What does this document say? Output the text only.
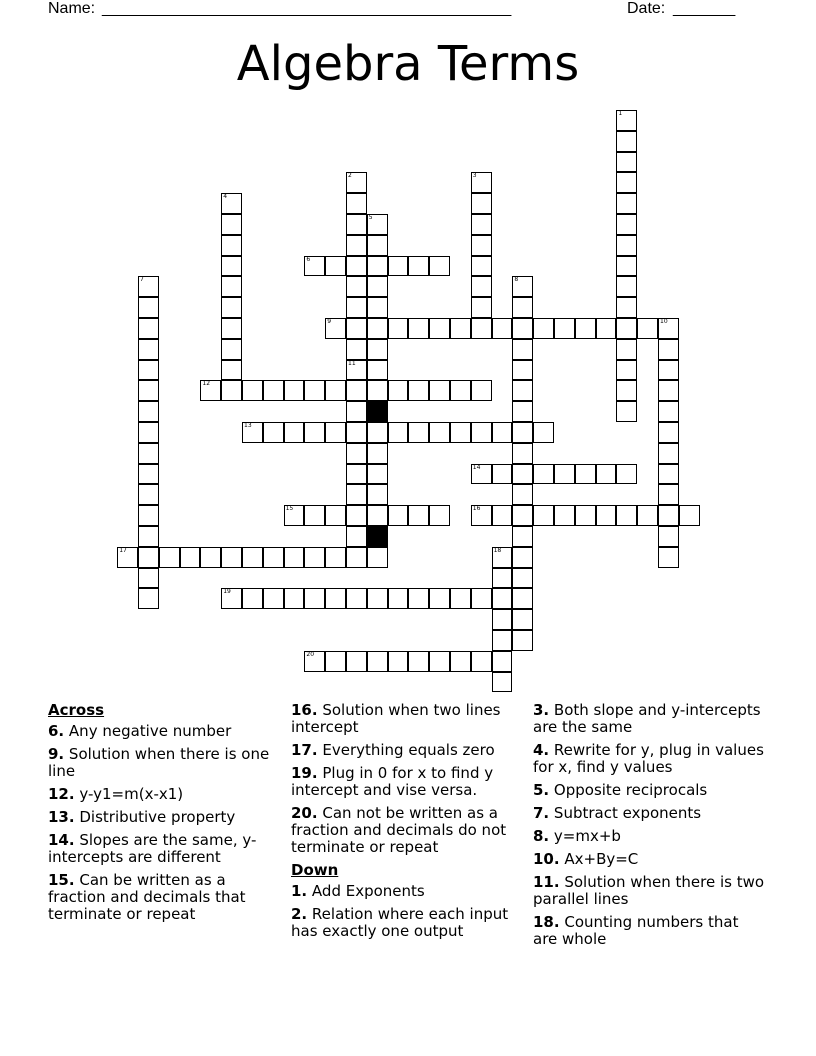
Name: ______________________________________________	Date: _______
Algebra Terms
1
2
11
3
4
5
6
7	8
9	10
12
13
14
15	16
17	18
19
20
Across
6. Any negative number
9. Solution when there is one line
12. y-y1=m(x-x1)
13. Distributive property
14. Slopes are the same, y-intercepts are different
15. Can be written as a fraction and decimals that terminate or repeat
16. Solution when two lines intercept
17. Everything equals zero
19. Plug in 0 for x to find y intercept and vise versa.
20. Can not be written as a fraction and decimals do not terminate or repeat
Down
1. Add Exponents
2. Relation where each input has exactly one output
3. Both slope and y-intercepts are the same
4. Rewrite for y, plug in values for x, find y values
5. Opposite reciprocals
7. Subtract exponents
8. y=mx+b
10. Ax+By=C
11. Solution when there is two parallel lines
18. Counting numbers that are whole
